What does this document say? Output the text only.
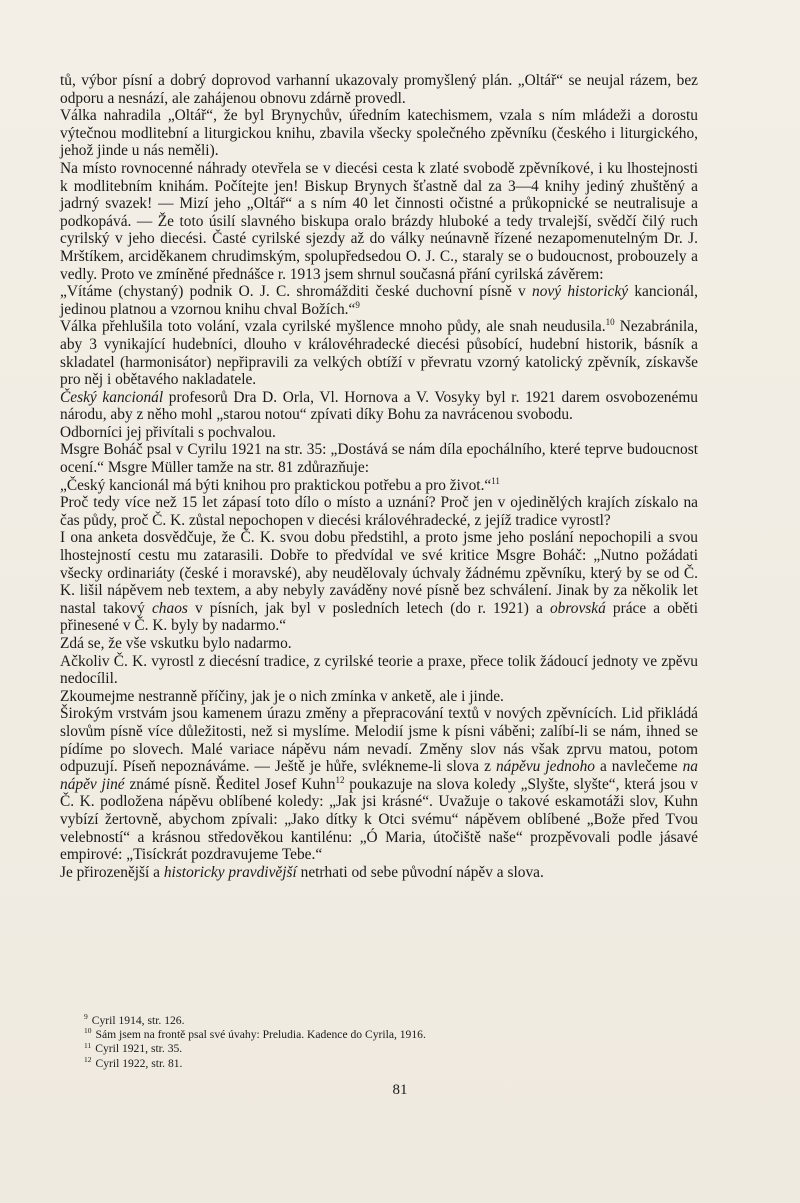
tů, výbor písní a dobrý doprovod varhanní ukazovaly promyšlený plán. „Oltář“ se neujal rázem, bez odporu a nesnází, ale zahájenou obnovu zdárně provedl.

Válka nahradila „Oltář“, že byl Brynychův, úředním katechismem, vzala s ním mládeži a dorostu výtečnou modlitební a liturgickou knihu, zbavila všecky společného zpěvníku (českého i liturgického, jehož jinde u nás neměli).

Na místo rovnocenné náhrady otevřela se v diecési cesta k zlaté svobodě zpěvníkové, i ku lhostejnosti k modlitebním knihám. Počítejte jen! Biskup Brynych šťastně dal za 3—4 knihy jediný zhuštěný a jadrný svazek! — Mizí jeho „Oltář“ a s ním 40 let činnosti očistné a průkopnické se neutralisuje a podkopává. — Že toto úsilí slavného biskupa oralo brázdy hluboké a tedy trvalejší, svědčí čilý ruch cyrilský v jeho diecési. Časté cyrilské sjezdy až do války neúnavně řízené nezapomenutelným Dr. J. Mrštíkem, arciděkanem chrudimským, spolupředsedou O. J. C., staraly se o budoucnost, probouzely a vedly. Proto ve zmíněné přednášce r. 1913 jsem shrnul současná přání cyrilská závěrem:

„Vítáme (chystaný) podnik O. J. C. shromážditi české duchovní písně v nový historický kancionál, jedinou platnou a vzornou knihu chval Božích.“$^9$

Válka přehlušila toto volání, vzala cyrilské myšlence mnoho půdy, ale snah neudusila.$^{10}$ Nezabránila, aby 3 vynikající hudebníci, dlouho v královéhradecké diecési působící, hudební historik, básník a skladatel (harmonisátor) nepřipravili za velkých obtíží v převratu vzorný katolický zpěvník, získavše pro něj i obětavého nakladatele.

Český kancionál profesorů Dra D. Orla, Vl. Hornova a V. Vosyky byl r. 1921 darem osvobozenému národu, aby z něho mohl „starou notou“ zpívati díky Bohu za navrácenou svobodu.

Odborníci jej přivítali s pochvalou.

Msgre Boháč psal v Cyrilu 1921 na str. 35: „Dostává se nám díla epochálního, které teprve budoucnost ocení.“ Msgre Müller tamže na str. 81 zdůrazňuje:

„Český kancionál má býti knihou pro praktickou potřebu a pro život.“$^{11}$

Proč tedy více než 15 let zápasí toto dílo o místo a uznání? Proč jen v ojedinělých krajích získalo na čas půdy, proč Č. K. zůstal nepochopen v diecési královéhradecké, z jejíž tradice vyrostl?

I ona anketa dosvědčuje, že Č. K. svou dobu předstihl, a proto jsme jeho poslání nepochopili a svou lhostejností cestu mu zatarasili. Dobře to předvídal ve své kritice Msgre Boháč: „Nutno požádati všecky ordinariáty (české i moravské), aby neudělovaly úchvaly žádnému zpěvníku, který by se od Č. K. lišil nápěvem neb textem, a aby nebyly zaváděny nové písně bez schválení. Jinak by za několik let nastal takový chaos v písních, jak byl v posledních letech (do r. 1921) a obrovská práce a oběti přinesené v Č. K. byly by nadarmo.“

Zdá se, že vše vskutku bylo nadarmo.

Ačkoliv Č. K. vyrostl z diecésní tradice, z cyrilské teorie a praxe, přece tolik žádoucí jednoty ve zpěvu nedocílil.

Zkoumejme nestranně příčiny, jak je o nich zmínka v anketě, ale i jinde.

Širokým vrstvám jsou kamenem úrazu změny a přepracování textů v nových zpěvnících. Lid přikládá slovům písně více důležitosti, než si myslíme. Melodií jsme k písni váběni; zalíbí-li se nám, ihned se pídíme po slovech. Malé variace nápěvu nám nevadí. Změny slov nás však zprvu matou, potom odpuzují. Píseň nepoznáváme. — Ještě je hůře, svlékneme-li slova z nápěvu jednoho a navlečeme na nápěv jiné známé písně. Ředitel Josef Kuhn$^{12}$ poukazuje na slova koledy „Slyšte, slyšte“, která jsou v Č. K. podložena nápěvu oblíbené koledy: „Jak jsi krásné“. Uvažuje o takové eskamotáži slov, Kuhn vybízí žertovně, abychom zpívali: „Jako dítky k Otci svému“ nápěvem oblíbené „Bože před Tvou velebností“ a krásnou středověkou kantilénu: „Ó Maria, útočiště naše“ prozpěvovali podle jásavé empirové: „Tisíckrát pozdravujeme Tebe.“

Je přirozenější a historicky pravdivější netrhati od sebe původní nápěv a slova.

$^9$ Cyril 1914, str. 126.

$^{10}$ Sám jsem na frontě psal své úvahy: Preludia. Kadence do Cyrila, 1916.

$^{11}$ Cyril 1921, str. 35.

$^{12}$ Cyril 1922, str. 81.

81
